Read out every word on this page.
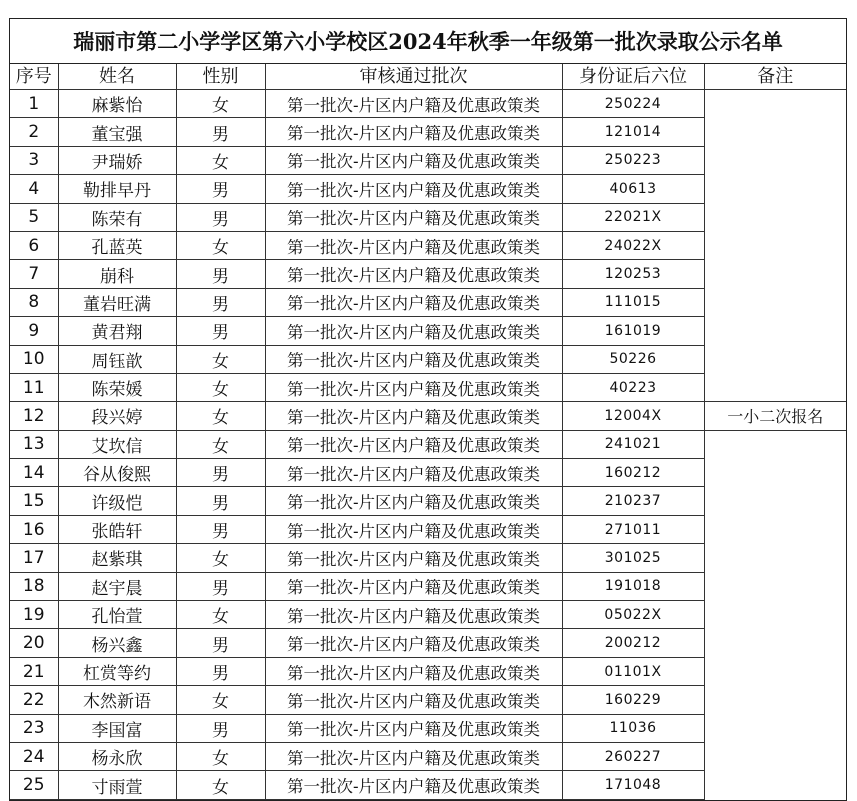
瑞丽市第二小学学区第六小学校区2024年秋季一年级第一批次录取公示名单
序号	姓名	性别	审核通过批次	身份证后六位	备注
1	麻紫怡	女	第一批次-片区内户籍及优惠政策类	250224	
2	董宝强	男	第一批次-片区内户籍及优惠政策类	121014	
3	尹瑞娇	女	第一批次-片区内户籍及优惠政策类	250223	
4	勒排早丹	男	第一批次-片区内户籍及优惠政策类	40613	
5	陈荣有	男	第一批次-片区内户籍及优惠政策类	22021X	
6	孔蓝英	女	第一批次-片区内户籍及优惠政策类	24022X	
7	崩科	男	第一批次-片区内户籍及优惠政策类	120253	
8	董岩旺满	男	第一批次-片区内户籍及优惠政策类	111015	
9	黄君翔	男	第一批次-片区内户籍及优惠政策类	161019	
10	周钰歆	女	第一批次-片区内户籍及优惠政策类	50226	
11	陈荣媛	女	第一批次-片区内户籍及优惠政策类	40223	
12	段兴婷	女	第一批次-片区内户籍及优惠政策类	12004X	一小二次报名
13	艾坎信	女	第一批次-片区内户籍及优惠政策类	241021	
14	谷从俊熙	男	第一批次-片区内户籍及优惠政策类	160212	
15	许级恺	男	第一批次-片区内户籍及优惠政策类	210237	
16	张皓轩	男	第一批次-片区内户籍及优惠政策类	271011	
17	赵紫琪	女	第一批次-片区内户籍及优惠政策类	301025	
18	赵宇晨	男	第一批次-片区内户籍及优惠政策类	191018	
19	孔怡萱	女	第一批次-片区内户籍及优惠政策类	05022X	
20	杨兴鑫	男	第一批次-片区内户籍及优惠政策类	200212	
21	杠赏等约	男	第一批次-片区内户籍及优惠政策类	01101X	
22	木然新语	女	第一批次-片区内户籍及优惠政策类	160229	
23	李国富	男	第一批次-片区内户籍及优惠政策类	11036	
24	杨永欣	女	第一批次-片区内户籍及优惠政策类	260227	
25	寸雨萱	女	第一批次-片区内户籍及优惠政策类	171048	
